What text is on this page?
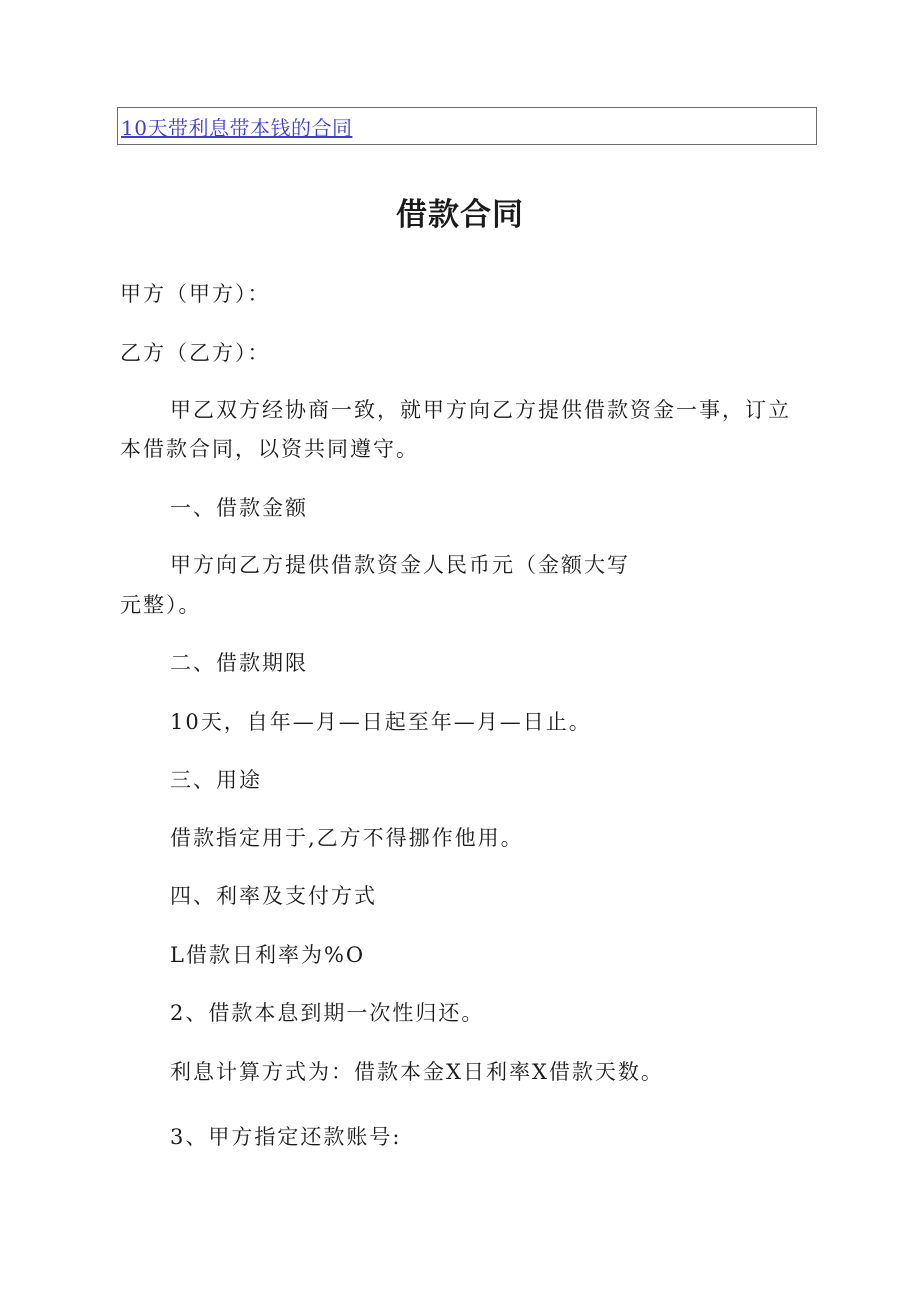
10天带利息带本钱的合同
借款合同

甲方（甲方）：

乙方（乙方）：

甲乙双方经协商一致，就甲方向乙方提供借款资金一事，订立

本借款合同，以资共同遵守。

一、借款金额

甲方向乙方提供借款资金人民币元（金额大写

元整）。

二、借款期限

10天，自年—月—日起至年—月—日止。

三、用途

借款指定用于,乙方不得挪作他用。

四、利率及支付方式

L借款日利率为%O

2、借款本息到期一次性归还。

利息计算方式为：借款本金X日利率X借款天数。

3、甲方指定还款账号:
